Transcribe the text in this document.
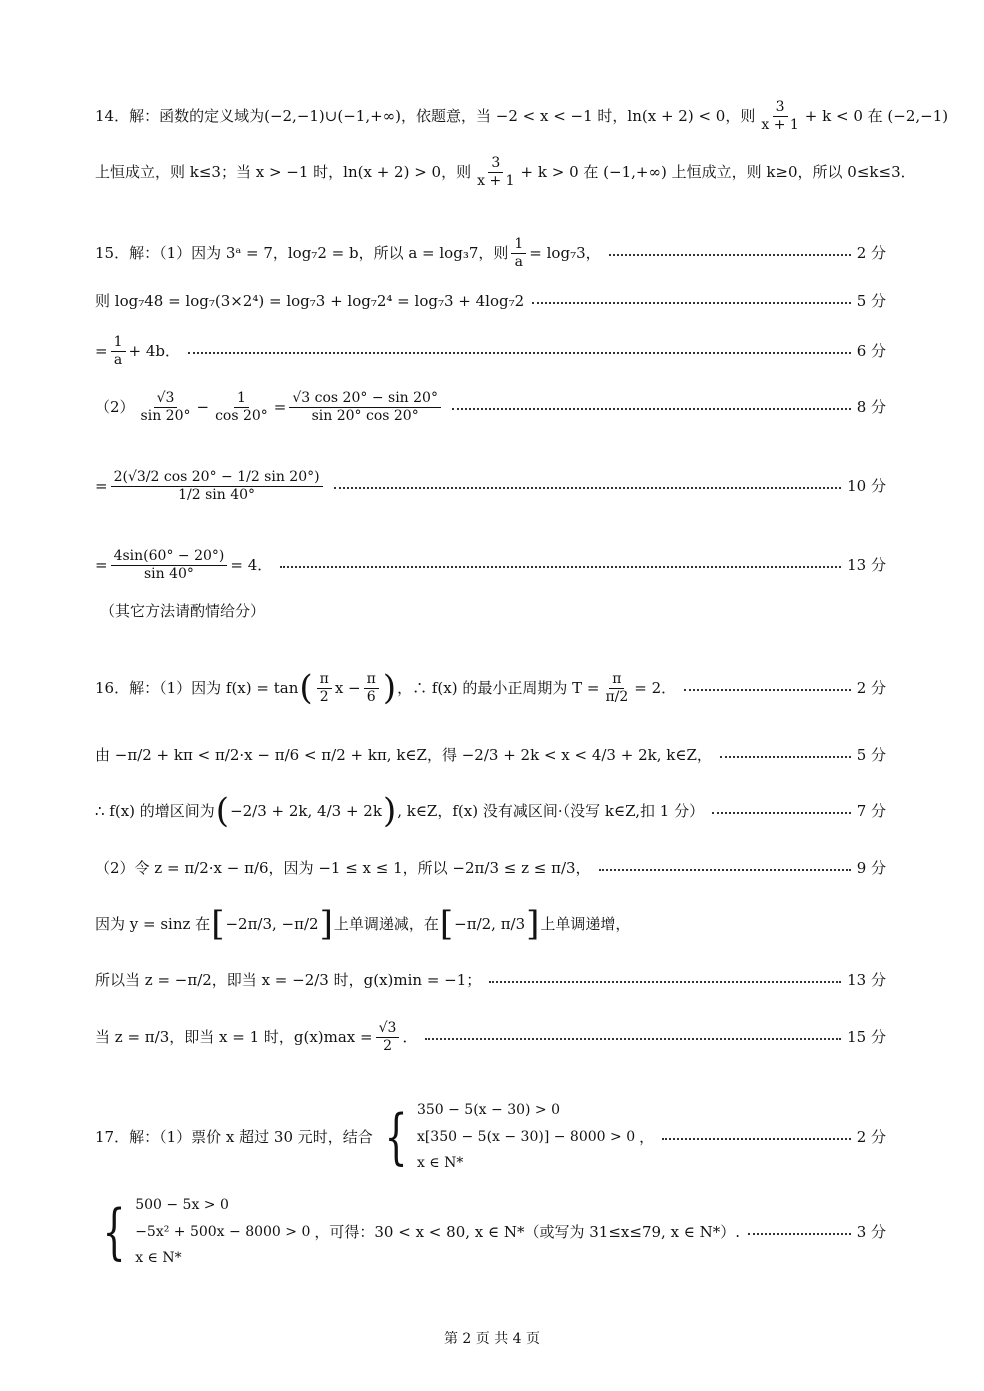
14．解：函数的定义域为(−2,−1)∪(−1,+∞)，依题意，当 −2 < x < −1 时，ln(x + 2) < 0，则 $\frac{3}{x + 1} + k < 0$ 在 (−2,−1)
上恒成立，则 k≤3；当 x > −1 时，ln(x + 2) > 0，则 $\frac{3}{x + 1} + k > 0$ 在 (−1,+∞) 上恒成立，则 k≥0，所以 0≤k≤3．
15．解：（1）因为 3ᵃ = 7，log₇2 = b，所以 a = log₃7，则 $\frac{1}{a} = \log_73$，	2 分
则 log₇48 = log₇(3×2⁴) = log₇3 + log₇2⁴ = log₇3 + 4log₇2	5 分
= $\frac{1}{a} + 4b$．	6 分
$(2) \frac{√3}{\sin 20^\circ} - \frac{1}{\cos 20^\circ} = \frac{√3 \cos 20^\circ - \sin 20^\circ}{\sin 20^\circ \cos 20^\circ}$	8 分
= $\frac{2(√3/2 \cos 20^\circ - 1/2 \sin 20^\circ)}{1/2 \sin 40^\circ}$	10 分
= $\frac{4\sin(60^\circ - 20^\circ)}{\sin 40^\circ} = 4$．	13 分
（其它方法请酌情给分）
16．解：（1）因为 f(x) = tan ( $\frac{\pi}{2}$ $x - \frac{\pi}{6}$ ) ，∴ f(x) 的最小正周期为 $T = \frac{\pi}{\pi/2} = 2$．	2 分
由 −π/2 + kπ < π/2·x − π/6 < π/2 + kπ, k∈Z，得 −2/3 + 2k < x < 4/3 + 2k, k∈Z，	5 分
∴ f(x) 的增区间为 ( −2/3 + 2k, 4/3 + 2k ) , k∈Z，f(x) 没有减区间·（没写 k∈Z,扣 1 分）	7 分
（2）令 z = π/2·x − π/6，因为 −1 ≤ x ≤ 1，所以 −2π/3 ≤ z ≤ π/3，	9 分
因为 y = sinz 在 [ −2π/3, −π/2 ] 上单调递减，在 [ −π/2, π/3 ] 上单调递增，
所以当 z = −π/2，即当 x = −2/3 时，g(x)min = −1；	13 分
当 z = π/3，即当 x = 1 时，$g(x)\max = \frac{√3}{2}$ ．	15 分
17．解：（1）票价 x 超过 30 元时，结合 { 350 − 5(x − 30) > 0
x[350 − 5(x − 30)] − 8000 > 0
x ∈ N*
，	2 分
{ 500 − 5x > 0
−5x² + 500x − 8000 > 0
x ∈ N*
，可得：30 < x < 80, x ∈ N*（或写为 31≤x≤79, x ∈ N*）.	3 分
第 2 页 共 4 页
